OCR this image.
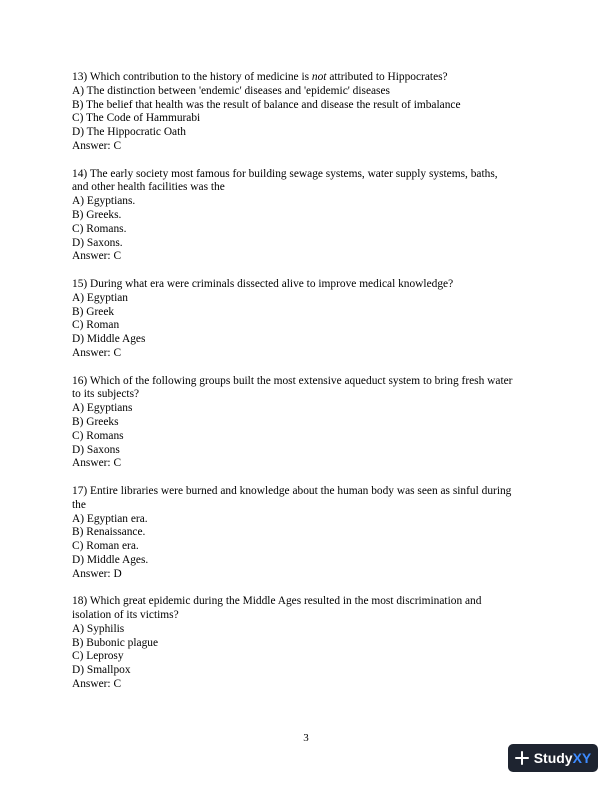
13) Which contribution to the history of medicine is not attributed to Hippocrates?
A) The distinction between 'endemic' diseases and 'epidemic' diseases
B) The belief that health was the result of balance and disease the result of imbalance
C) The Code of Hammurabi
D) The Hippocratic Oath
Answer: C
14) The early society most famous for building sewage systems, water supply systems, baths,
and other health facilities was the
A) Egyptians.
B) Greeks.
C) Romans.
D) Saxons.
Answer: C
15) During what era were criminals dissected alive to improve medical knowledge?
A) Egyptian
B) Greek
C) Roman
D) Middle Ages
Answer: C
16) Which of the following groups built the most extensive aqueduct system to bring fresh water
to its subjects?
A) Egyptians
B) Greeks
C) Romans
D) Saxons
Answer: C
17) Entire libraries were burned and knowledge about the human body was seen as sinful during
the
A) Egyptian era.
B) Renaissance.
C) Roman era.
D) Middle Ages.
Answer: D
18) Which great epidemic during the Middle Ages resulted in the most discrimination and
isolation of its victims?
A) Syphilis
B) Bubonic plague
C) Leprosy
D) Smallpox
Answer: C
3
Study XY
